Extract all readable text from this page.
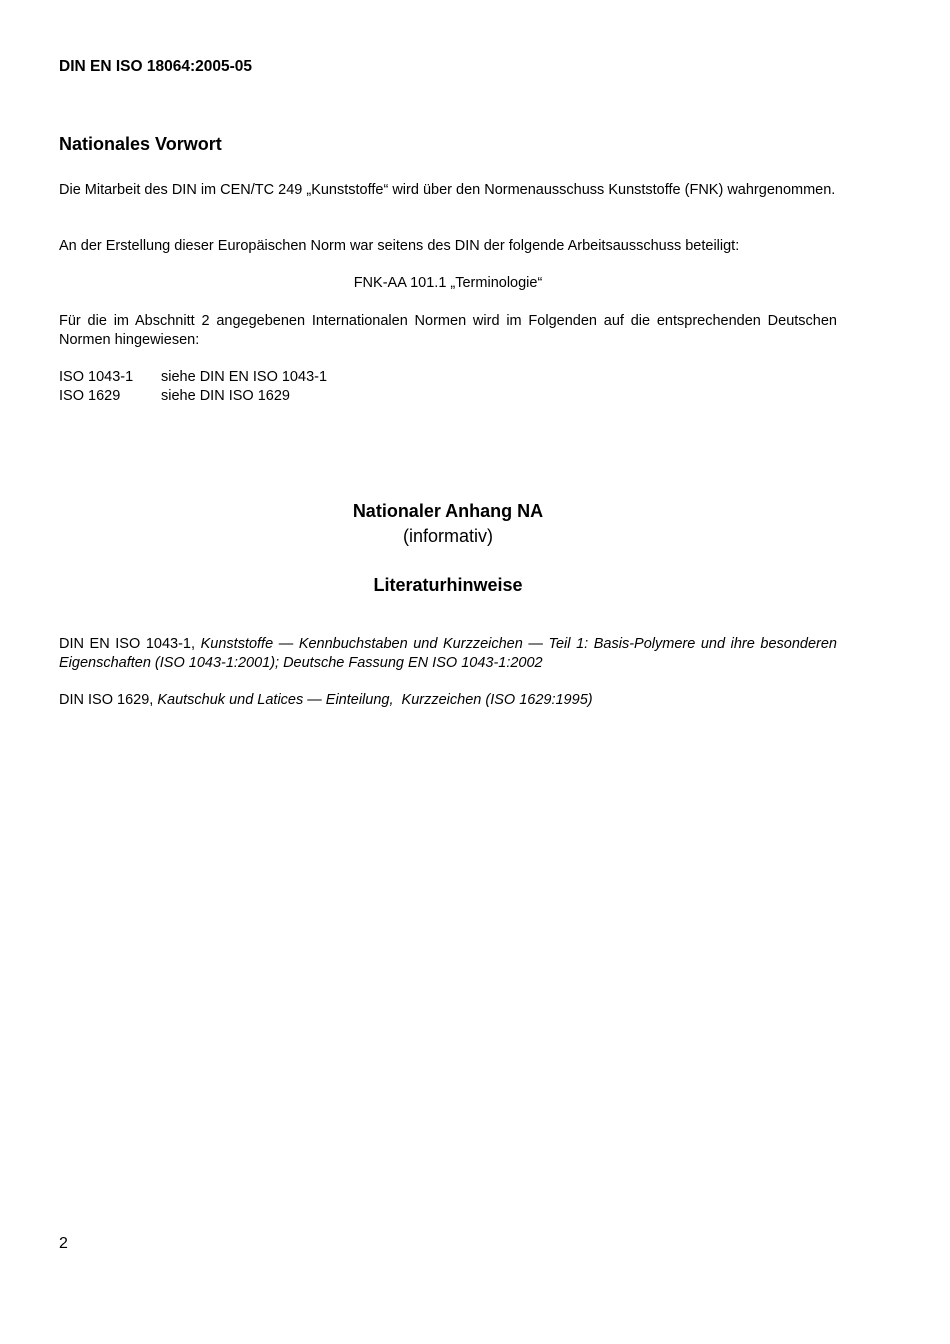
DIN EN ISO 18064:2005-05
Nationales Vorwort

Die Mitarbeit des DIN im CEN/TC 249 „Kunststoffe“ wird über den Normenausschuss Kunststoffe (FNK) wahrgenommen.

An der Erstellung dieser Europäischen Norm war seitens des DIN der folgende Arbeitsausschuss beteiligt:

FNK-AA 101.1 „Terminologie“

Für die im Abschnitt 2 angegebenen Internationalen Normen wird im Folgenden auf die entsprechenden Deutschen Normen hingewiesen:

ISO 1043-1	siehe DIN EN ISO 1043-1
ISO 1629	siehe DIN ISO 1629

Nationaler Anhang NA

(informativ)

Literaturhinweise

DIN EN ISO 1043-1, Kunststoffe — Kennbuchstaben und Kurzzeichen — Teil 1: Basis-Polymere und ihre besonderen Eigenschaften (ISO 1043-1:2001); Deutsche Fassung EN ISO 1043-1:2002

DIN ISO 1629, Kautschuk und Latices — Einteilung,  Kurzzeichen (ISO 1629:1995)

2
